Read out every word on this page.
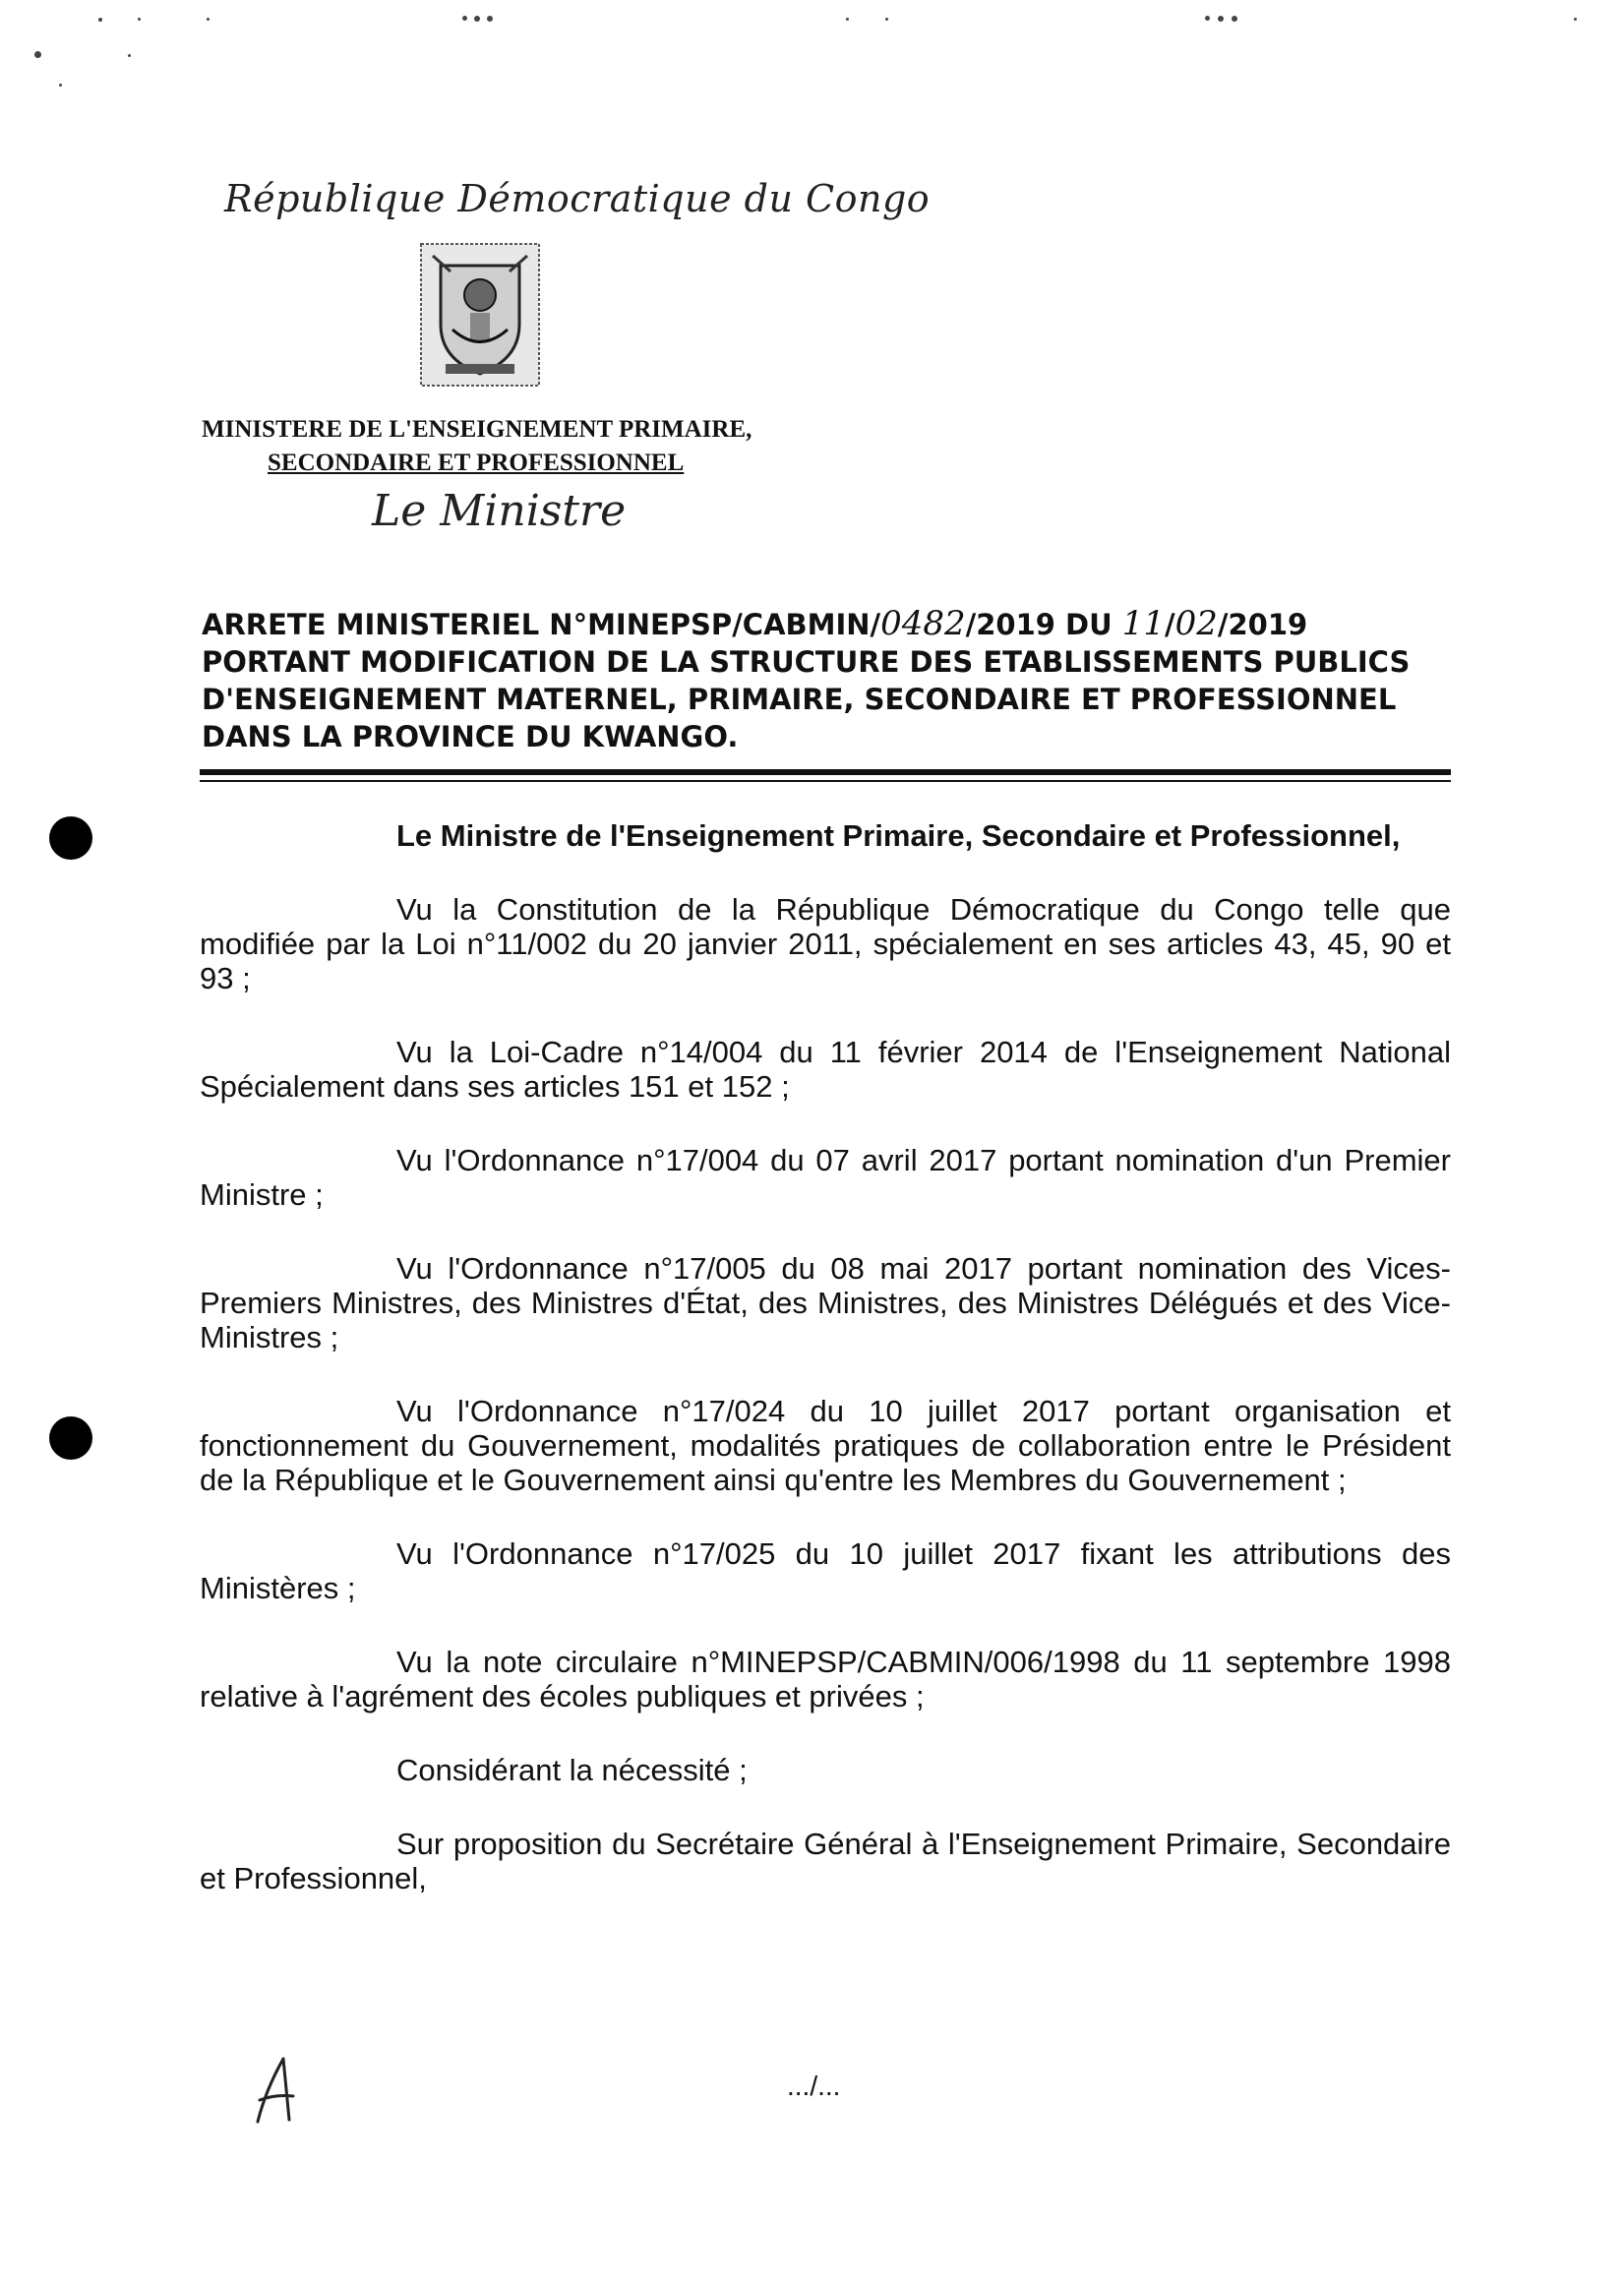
République Démocratique du Congo
MINISTERE DE L'ENSEIGNEMENT PRIMAIRE,
SECONDAIRE ET PROFESSIONNEL
Le Ministre
ARRETE MINISTERIEL N°MINEPSP/CABMIN/0482/2019 DU 11/02/2019
PORTANT MODIFICATION DE LA STRUCTURE DES ETABLISSEMENTS PUBLICS
D'ENSEIGNEMENT MATERNEL, PRIMAIRE, SECONDAIRE ET PROFESSIONNEL
DANS LA PROVINCE DU KWANGO.

Le Ministre de l'Enseignement Primaire, Secondaire et Professionnel,

Vu la Constitution de la République Démocratique du Congo telle que modifiée par la Loi n°11/002 du 20 janvier 2011, spécialement en ses articles 43, 45, 90 et 93 ;

Vu la Loi-Cadre n°14/004 du 11 février 2014 de l'Enseignement National Spécialement dans ses articles 151 et 152 ;

Vu l'Ordonnance n°17/004 du 07 avril 2017 portant nomination d'un Premier Ministre ;

Vu l'Ordonnance n°17/005 du 08 mai 2017 portant nomination des Vices-Premiers Ministres, des Ministres d'État, des Ministres, des Ministres Délégués et des Vice-Ministres ;

Vu l'Ordonnance n°17/024 du 10 juillet 2017 portant organisation et fonctionnement du Gouvernement, modalités pratiques de collaboration entre le Président de la République et le Gouvernement ainsi qu'entre les Membres du Gouvernement ;

Vu l'Ordonnance n°17/025 du 10 juillet 2017 fixant les attributions des Ministères ;

Vu la note circulaire n°MINEPSP/CABMIN/006/1998 du 11 septembre 1998 relative à l'agrément des écoles publiques et privées ;

Considérant la nécessité ;

Sur proposition du Secrétaire Général à l'Enseignement Primaire, Secondaire et Professionnel,

.../...
